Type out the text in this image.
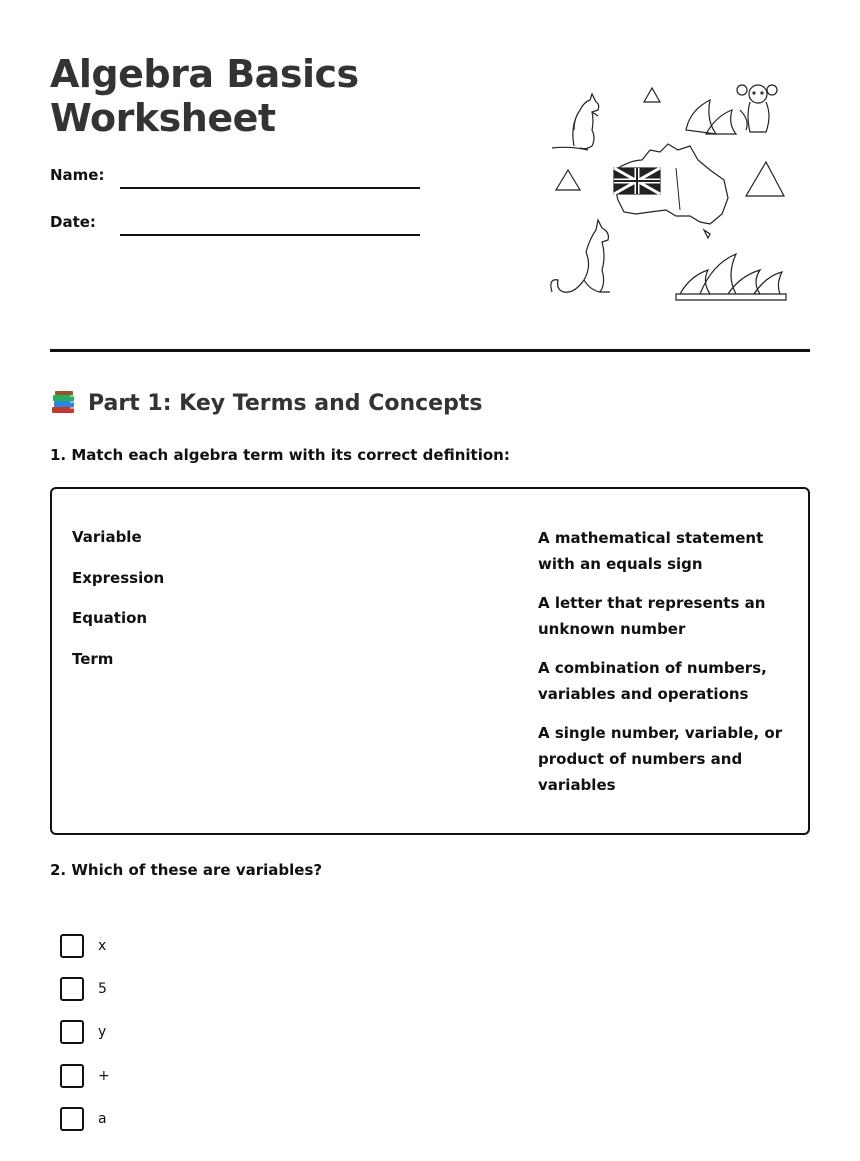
Algebra Basics Worksheet
Name:
Date:
Part 1: Key Terms and Concepts
1. Match each algebra term with its correct definition:
Variable
Expression
Equation
Term
A mathematical statement with an equals sign
A letter that represents an unknown number
A combination of numbers, variables and operations
A single number, variable, or product of numbers and variables
2. Which of these are variables?
x
5
y
+
a
